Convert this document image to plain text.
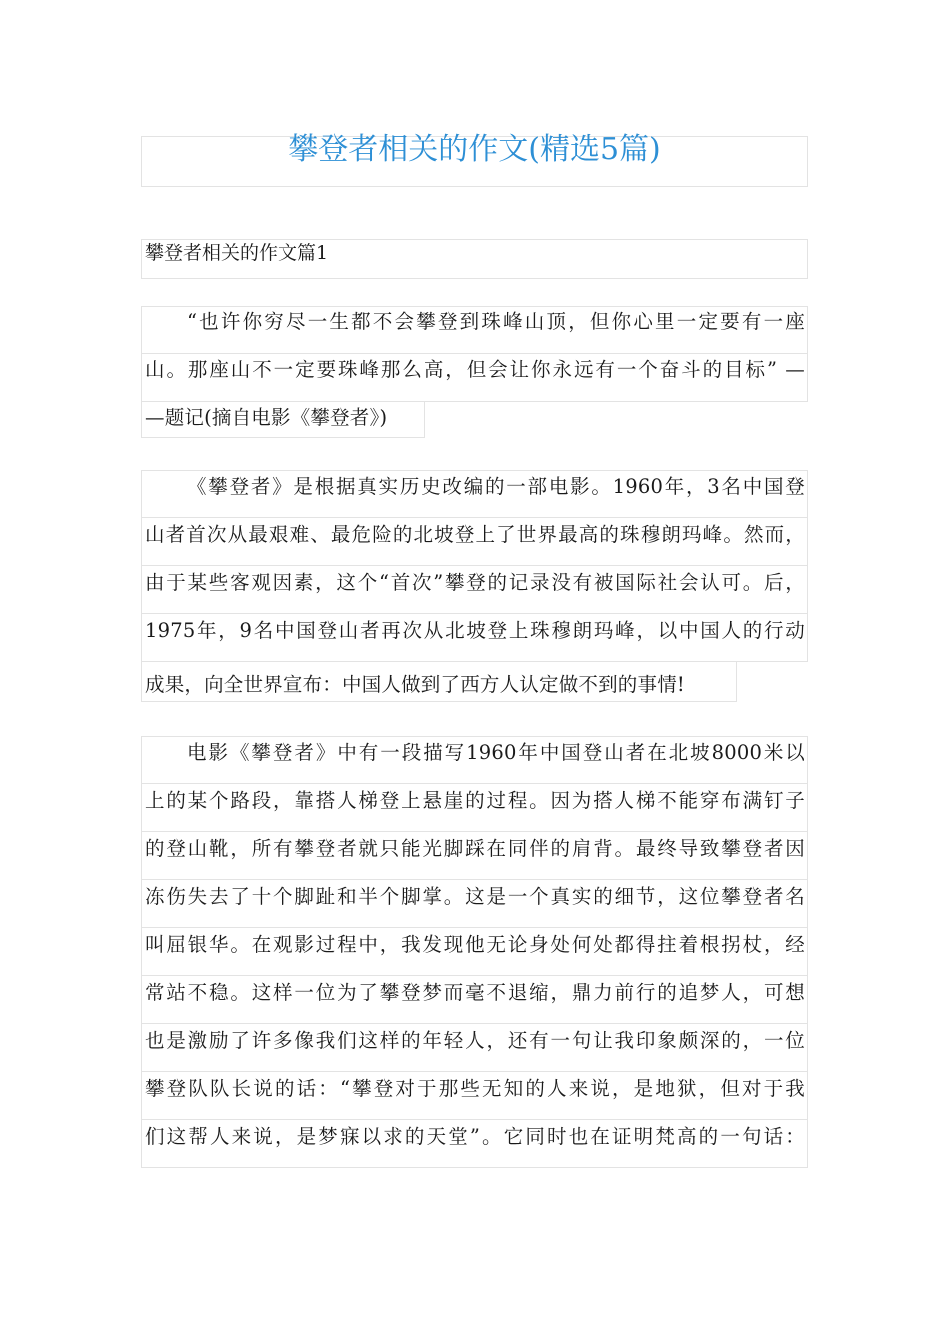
攀登者相关的作文(精选5篇)
攀登者相关的作文篇1
“也许你穷尽一生都不会攀登到珠峰山顶，但你心里一定要有一座
山。那座山不一定要珠峰那么高，但会让你永远有一个奋斗的目标” —
—题记(摘自电影《攀登者》)
《攀登者》是根据真实历史改编的一部电影。1960年，3名中国登
山者首次从最艰难、最危险的北坡登上了世界最高的珠穆朗玛峰。然而，
由于某些客观因素，这个“首次”攀登的记录没有被国际社会认可。后，
1975年，9名中国登山者再次从北坡登上珠穆朗玛峰，以中国人的行动
成果，向全世界宣布：中国人做到了西方人认定做不到的事情!
电影《攀登者》中有一段描写1960年中国登山者在北坡8000米以
上的某个路段，靠搭人梯登上悬崖的过程。因为搭人梯不能穿布满钉子
的登山靴，所有攀登者就只能光脚踩在同伴的肩背。最终导致攀登者因
冻伤失去了十个脚趾和半个脚掌。这是一个真实的细节，这位攀登者名
叫屈银华。在观影过程中，我发现他无论身处何处都得拄着根拐杖，经
常站不稳。这样一位为了攀登梦而毫不退缩，鼎力前行的追梦人，可想
也是激励了许多像我们这样的年轻人，还有一句让我印象颇深的，一位
攀登队队长说的话：“攀登对于那些无知的人来说，是地狱，但对于我
们这帮人来说，是梦寐以求的天堂”。它同时也在证明梵高的一句话：
